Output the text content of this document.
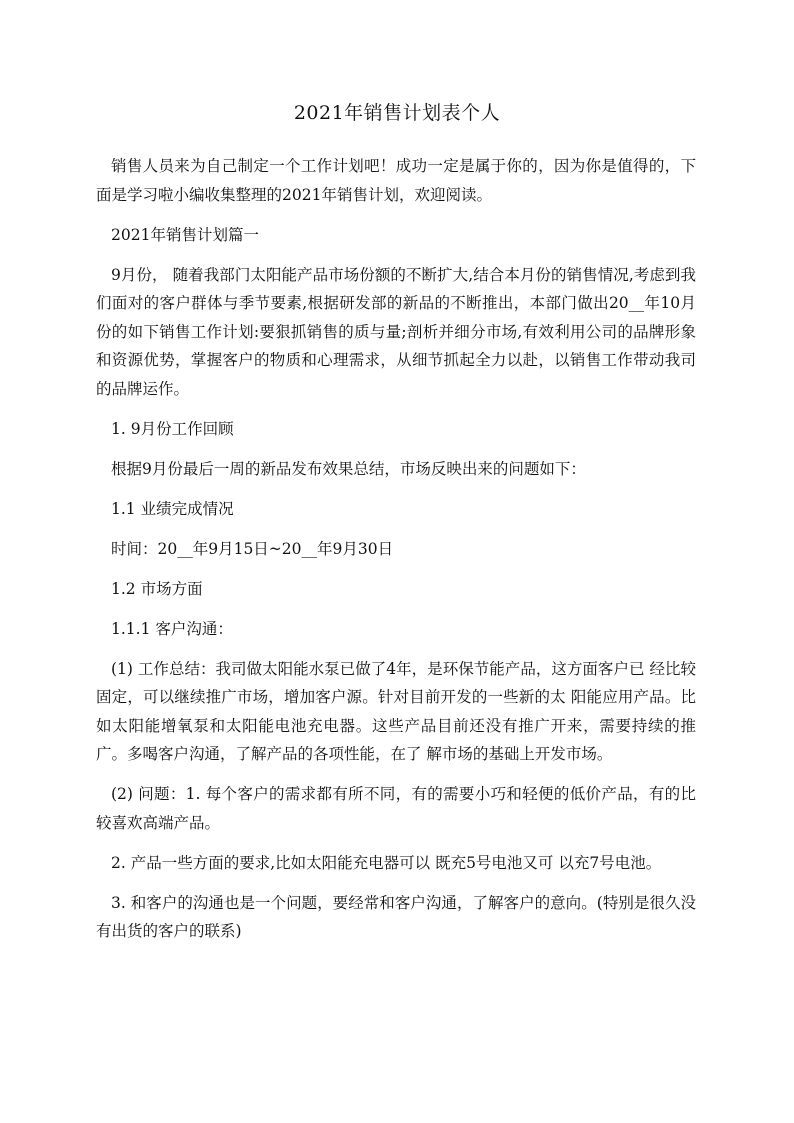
2021年销售计划表个人

销售人员来为自己制定一个工作计划吧！成功一定是属于你的，因为你是值得的，下面是学习啦小编收集整理的2021年销售计划，欢迎阅读。

2021年销售计划篇一

9月份， 随着我部门太阳能产品市场份额的不断扩大,结合本月份的销售情况,考虑到我们面对的客户群体与季节要素,根据研发部的新品的不断推出，本部门做出20__年10月份的如下销售工作计划:要狠抓销售的质与量;剖析并细分市场,有效利用公司的品牌形象和资源优势，掌握客户的物质和心理需求，从细节抓起全力以赴，以销售工作带动我司的品牌运作。

1. 9月份工作回顾

根据9月份最后一周的新品发布效果总结，市场反映出来的问题如下：

1.1 业绩完成情况

时间：20__年9月15日~20__年9月30日

1.2 市场方面

1.1.1 客户沟通：

(1) 工作总结：我司做太阳能水泵已做了4年，是环保节能产品，这方面客户已 经比较固定，可以继续推广市场，增加客户源。针对目前开发的一些新的太 阳能应用产品。比如太阳能增氧泵和太阳能电池充电器。这些产品目前还没有推广开来，需要持续的推广。多喝客户沟通，了解产品的各项性能，在了 解市场的基础上开发市场。

(2) 问题：1. 每个客户的需求都有所不同，有的需要小巧和轻便的低价产品，有的比较喜欢高端产品。

2. 产品一些方面的要求,比如太阳能充电器可以 既充5号电池又可 以充7号电池。

3. 和客户的沟通也是一个问题，要经常和客户沟通，了解客户的意向。(特别是很久没有出货的客户的联系)
